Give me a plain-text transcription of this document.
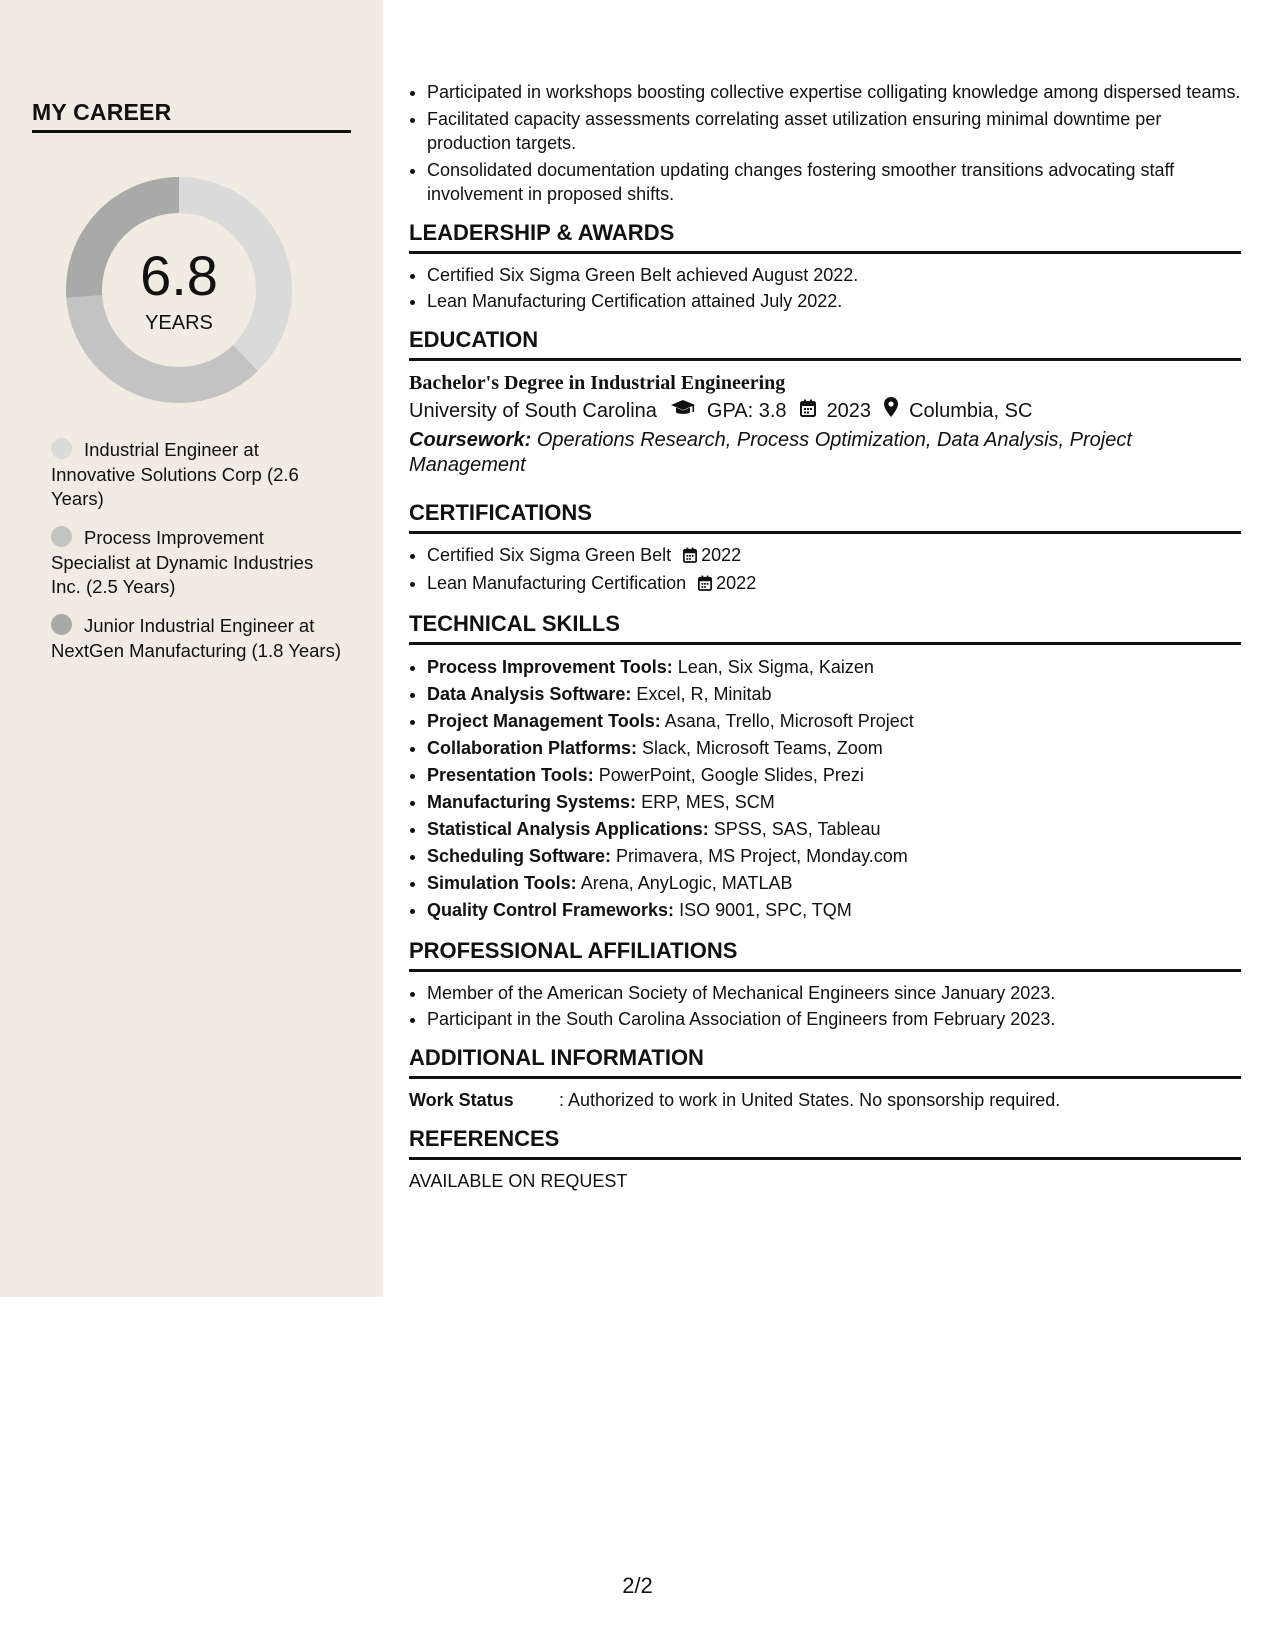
MY CAREER
6.8
YEARS
Industrial Engineer at Innovative Solutions Corp (2.6 Years)
Process Improvement Specialist at Dynamic Industries Inc. (2.5 Years)
Junior Industrial Engineer at NextGen Manufacturing (1.8 Years)
• Participated in workshops boosting collective expertise colligating knowledge among dispersed teams.
• Facilitated capacity assessments correlating asset utilization ensuring minimal downtime per production targets.
• Consolidated documentation updating changes fostering smoother transitions advocating staff involvement in proposed shifts.
LEADERSHIP & AWARDS
• Certified Six Sigma Green Belt achieved August 2022.
• Lean Manufacturing Certification attained July 2022.
EDUCATION
Bachelor's Degree in Industrial Engineering
University of South Carolina	GPA: 3.8 2023 Columbia, SC
Coursework: Operations Research, Process Optimization, Data Analysis, Project Management
CERTIFICATIONS
• Certified Six Sigma Green Belt 2022
• Lean Manufacturing Certification 2022
TECHNICAL SKILLS
• Process Improvement Tools: Lean, Six Sigma, Kaizen
• Data Analysis Software: Excel, R, Minitab
• Project Management Tools: Asana, Trello, Microsoft Project
• Collaboration Platforms: Slack, Microsoft Teams, Zoom
• Presentation Tools: PowerPoint, Google Slides, Prezi
• Manufacturing Systems: ERP, MES, SCM
• Statistical Analysis Applications: SPSS, SAS, Tableau
• Scheduling Software: Primavera, MS Project, Monday.com
• Simulation Tools: Arena, AnyLogic, MATLAB
• Quality Control Frameworks: ISO 9001, SPC, TQM
PROFESSIONAL AFFILIATIONS
• Member of the American Society of Mechanical Engineers since January 2023.
• Participant in the South Carolina Association of Engineers from February 2023.
ADDITIONAL INFORMATION
Work Status	: Authorized to work in United States. No sponsorship required.
REFERENCES
AVAILABLE ON REQUEST
2/2
